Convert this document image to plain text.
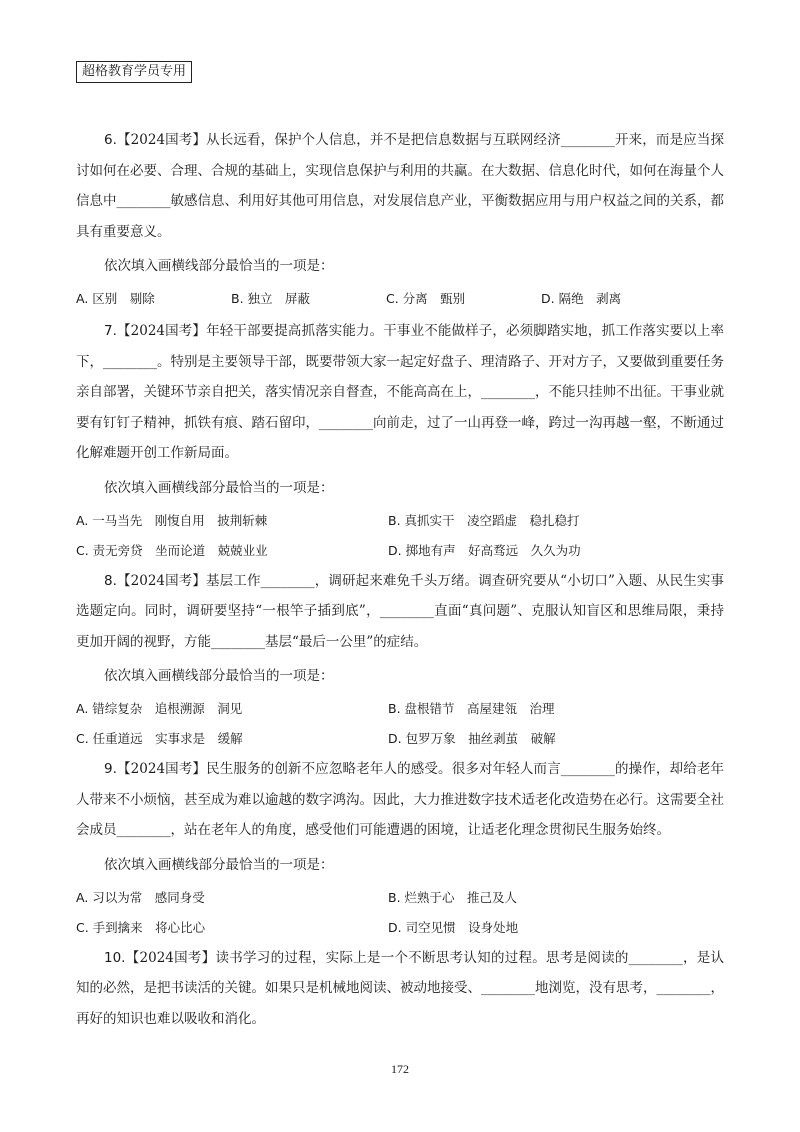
超格教育学员专用

6.【2024国考】从长远看，保护个人信息，并不是把信息数据与互联网经济________开来，而是应当探讨如何在必要、合理、合规的基础上，实现信息保护与利用的共赢。在大数据、信息化时代，如何在海量个人信息中________敏感信息、利用好其他可用信息，对发展信息产业，平衡数据应用与用户权益之间的关系，都具有重要意义。

依次填入画横线部分最恰当的一项是：

A. 区别　剔除	B. 独立　屏蔽	C. 分离　甄别	D. 隔绝　剥离

7.【2024国考】年轻干部要提高抓落实能力。干事业不能做样子，必须脚踏实地，抓工作落实要以上率下，________。特别是主要领导干部，既要带领大家一起定好盘子、理清路子、开对方子，又要做到重要任务亲自部署，关键环节亲自把关，落实情况亲自督查，不能高高在上，________，不能只挂帅不出征。干事业就要有钉钉子精神，抓铁有痕、踏石留印，________向前走，过了一山再登一峰，跨过一沟再越一壑，不断通过化解难题开创工作新局面。

依次填入画横线部分最恰当的一项是：

A. 一马当先　刚愎自用　披荆斩棘	B. 真抓实干　凌空蹈虚　稳扎稳打
C. 责无旁贷　坐而论道　兢兢业业	D. 掷地有声　好高骛远　久久为功

8.【2024国考】基层工作________，调研起来难免千头万绪。调查研究要从“小切口”入题、从民生实事选题定向。同时，调研要坚持“一根竿子插到底”，________直面“真问题”、克服认知盲区和思维局限，秉持更加开阔的视野，方能________基层“最后一公里”的症结。

依次填入画横线部分最恰当的一项是：

A. 错综复杂　追根溯源　洞见	B. 盘根错节　高屋建瓴　治理
C. 任重道远　实事求是　缓解	D. 包罗万象　抽丝剥茧　破解

9.【2024国考】民生服务的创新不应忽略老年人的感受。很多对年轻人而言________的操作，却给老年人带来不小烦恼，甚至成为难以逾越的数字鸿沟。因此，大力推进数字技术适老化改造势在必行。这需要全社会成员________，站在老年人的角度，感受他们可能遭遇的困境，让适老化理念贯彻民生服务始终。

依次填入画横线部分最恰当的一项是：

A. 习以为常　感同身受	B. 烂熟于心　推己及人
C. 手到擒来　将心比心	D. 司空见惯　设身处地

10.【2024国考】读书学习的过程，实际上是一个不断思考认知的过程。思考是阅读的________，是认知的必然，是把书读活的关键。如果只是机械地阅读、被动地接受、________地浏览，没有思考，________，再好的知识也难以吸收和消化。

172
